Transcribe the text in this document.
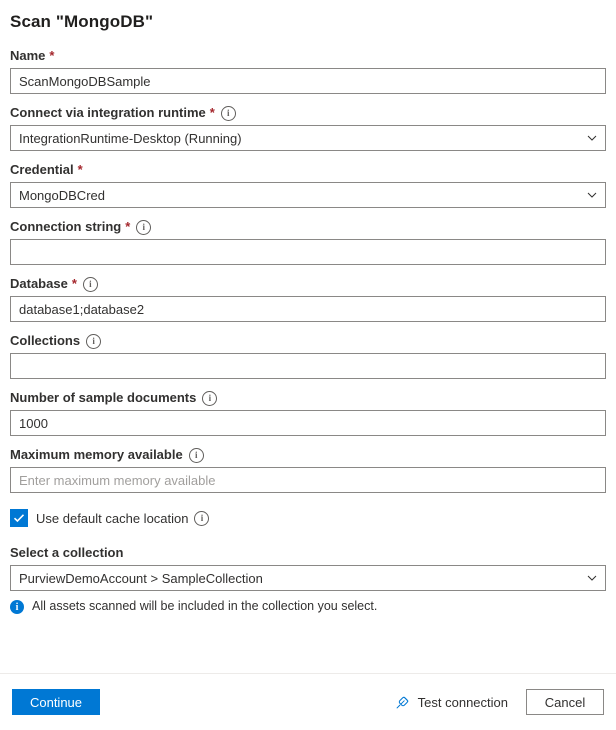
Scan "MongoDB"
Name *
ScanMongoDBSample
Connect via integration runtime *	i
IntegrationRuntime-Desktop (Running)
Credential *
MongoDBCred
Connection string *	i
Database *	i
database1;database2
Collections	i
Number of sample documents	i
1000
Maximum memory available	i
Enter maximum memory available
Use default cache location	i
Select a collection
PurviewDemoAccount > SampleCollection
i	All assets scanned will be included in the collection you select.
Continue	Test connection	Cancel
